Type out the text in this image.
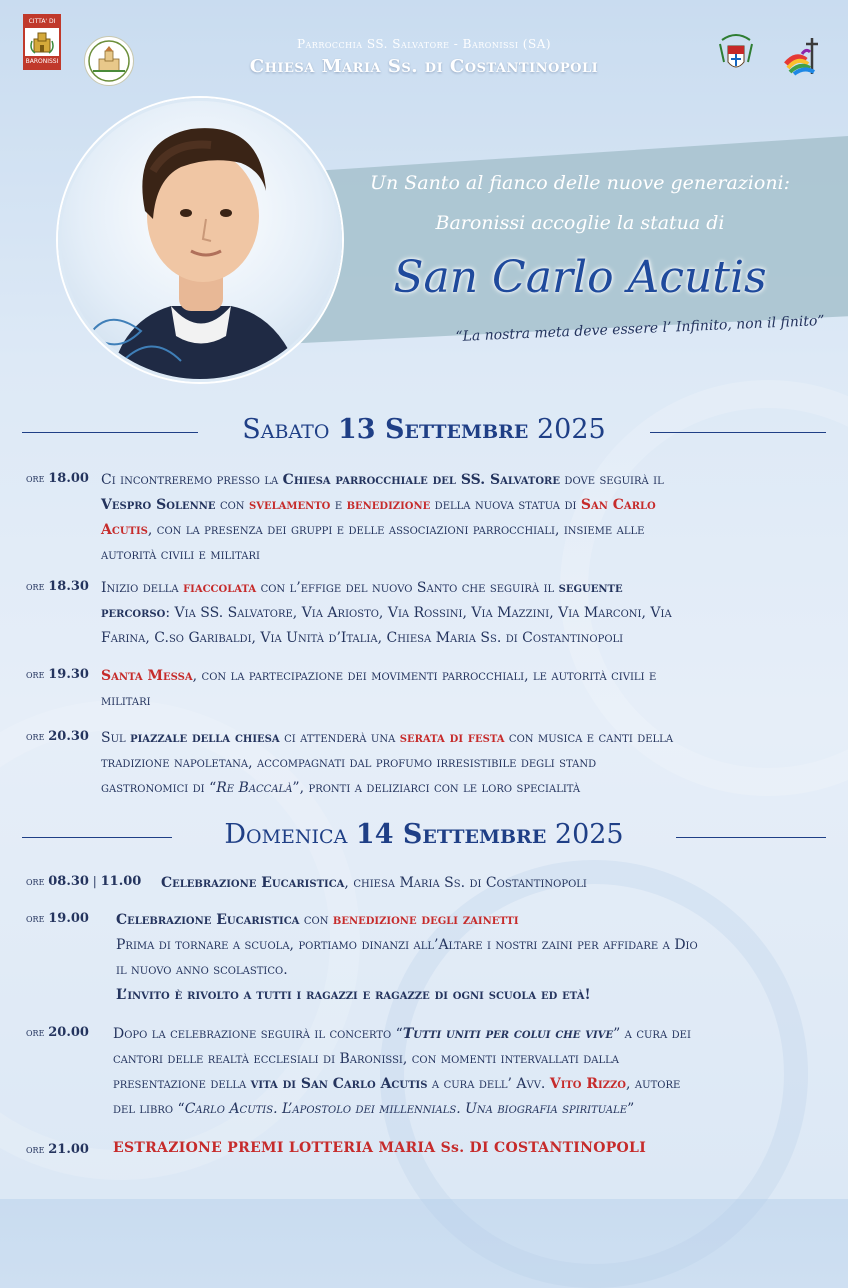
CITTA' DI
BARONISSI
Parrocchia SS. Salvatore - Baronissi (SA)
Chiesa Maria Ss. di Costantinopoli
Un Santo al fianco delle nuove generazioni:
Baronissi accoglie la statua di
San Carlo Acutis
“La nostra meta deve essere l’ Infinito, non il finito”
Sabato 13 Settembre 2025
ore 18.00 Ci incontreremo presso la Chiesa parrocchiale del SS. Salvatore dove seguirà il
Vespro Solenne con svelamento e benedizione della nuova statua di San Carlo
Acutis, con la presenza dei gruppi e delle associazioni parrocchiali, insieme alle
autorità civili e militari
ore 18.30 Inizio della fiaccolata con l’effige del nuovo Santo che seguirà il seguente
percorso: Via SS. Salvatore, Via Ariosto, Via Rossini, Via Mazzini, Via Marconi, Via
Farina, C.so Garibaldi, Via Unità d’Italia, Chiesa Maria Ss. di Costantinopoli
ore 19.30 Santa Messa, con la partecipazione dei movimenti parrocchiali, le autorità civili e
militari
ore 20.30 Sul piazzale della chiesa ci attenderà una serata di festa con musica e canti della
tradizione napoletana, accompagnati dal profumo irresistibile degli stand
gastronomici di “Re Baccalà”, pronti a deliziarci con le loro specialità
Domenica 14 Settembre 2025
ore 08.30 | 11.00 Celebrazione Eucaristica, chiesa Maria Ss. di Costantinopoli
ore 19.00 Celebrazione Eucaristica con benedizione degli zainetti
Prima di tornare a scuola, portiamo dinanzi all’Altare i nostri zaini per affidare a Dio
il nuovo anno scolastico.
L’invito è rivolto a tutti i ragazzi e ragazze di ogni scuola ed età!
ore 20.00 Dopo la celebrazione seguirà il concerto “Tutti uniti per colui che vive” a cura dei
cantori delle realtà ecclesiali di Baronissi, con momenti intervallati dalla
presentazione della vita di San Carlo Acutis a cura dell’ Avv. Vito Rizzo, autore
del libro “Carlo Acutis. L’apostolo dei millennials. Una biografia spirituale”
ore 21.00 ESTRAZIONE PREMI LOTTERIA MARIA Ss. DI COSTANTINOPOLI
